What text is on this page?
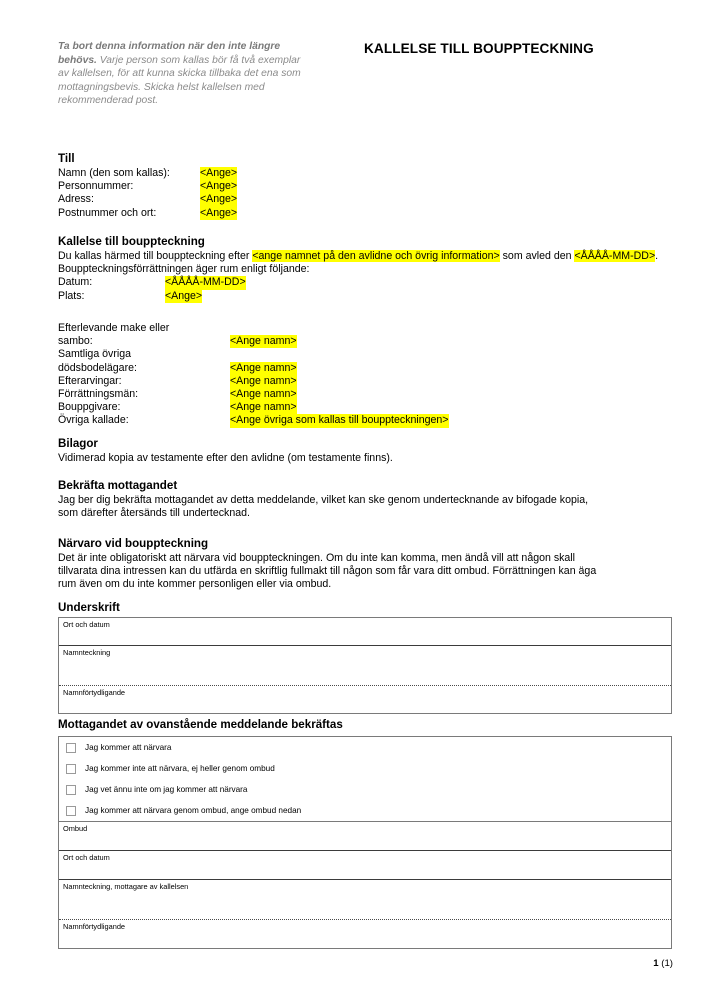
Ta bort denna information när den inte längre behövs. Varje person som kallas bör få två exemplar av kallelsen, för att kunna skicka tillbaka det ena som mottagningsbevis. Skicka helst kallelsen med rekommenderad post.
KALLELSE TILL BOUPPTECKNING
Till
Namn (den som kallas):	<Ange>
Personnummer:	<Ange>
Adress:	<Ange>
Postnummer och ort:	<Ange>
Kallelse till bouppteckning

Du kallas härmed till bouppteckning efter <ange namnet på den avlidne och övrig information> som avled den <ÅÅÅÅ-MM-DD>. Bouppteckningsförrättningen äger rum enligt följande:

Datum:	<ÅÅÅÅ-MM-DD>
Plats:	<Ange>
Efterlevande make eller
sambo:	<Ange namn>
Samtliga övriga
dödsbodelägare:	<Ange namn>
Efterarvingar:	<Ange namn>
Förrättningsmän:	<Ange namn>
Bouppgivare:	<Ange namn>
Övriga kallade:	<Ange övriga som kallas till bouppteckningen>
Bilagor

Vidimerad kopia av testamente efter den avlidne (om testamente finns).

Bekräfta mottagandet

Jag ber dig bekräfta mottagandet av detta meddelande, vilket kan ske genom undertecknande av bifogade kopia,

som därefter återsänds till undertecknad.

Närvaro vid bouppteckning

Det är inte obligatoriskt att närvara vid bouppteckningen. Om du inte kan komma, men ändå vill att någon skall

tillvarata dina intressen kan du utfärda en skriftlig fullmakt till någon som får vara ditt ombud. Förrättningen kan äga

rum även om du inte kommer personligen eller via ombud.

Underskrift
Ort och datum
Namnteckning
Namnförtydligande
Mottagandet av ovanstående meddelande bekräftas
Jag kommer att närvara
Jag kommer inte att närvara, ej heller genom ombud
Jag vet ännu inte om jag kommer att närvara
Jag kommer att närvara genom ombud, ange ombud nedan
Ombud
Ort och datum
Namnteckning, mottagare av kallelsen
Namnförtydligande
1 (1)
